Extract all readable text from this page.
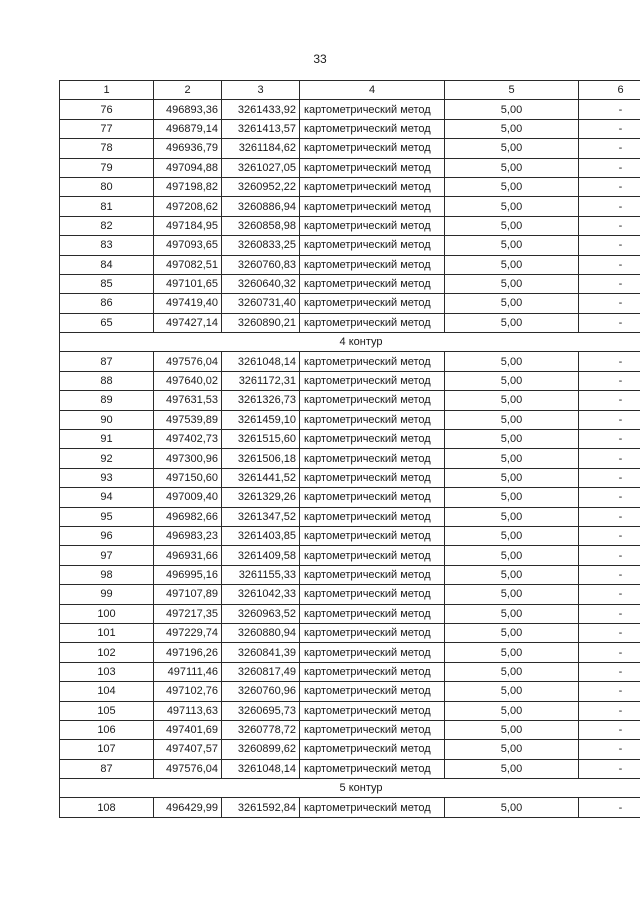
33
1	2	3	4	5	6
76	496893,36	3261433,92	картометрический метод	5,00	-
77	496879,14	3261413,57	картометрический метод	5,00	-
78	496936,79	3261184,62	картометрический метод	5,00	-
79	497094,88	3261027,05	картометрический метод	5,00	-
80	497198,82	3260952,22	картометрический метод	5,00	-
81	497208,62	3260886,94	картометрический метод	5,00	-
82	497184,95	3260858,98	картометрический метод	5,00	-
83	497093,65	3260833,25	картометрический метод	5,00	-
84	497082,51	3260760,83	картометрический метод	5,00	-
85	497101,65	3260640,32	картометрический метод	5,00	-
86	497419,40	3260731,40	картометрический метод	5,00	-
65	497427,14	3260890,21	картометрический метод	5,00	-
4 контур					
87	497576,04	3261048,14	картометрический метод	5,00	-
88	497640,02	3261172,31	картометрический метод	5,00	-
89	497631,53	3261326,73	картометрический метод	5,00	-
90	497539,89	3261459,10	картометрический метод	5,00	-
91	497402,73	3261515,60	картометрический метод	5,00	-
92	497300,96	3261506,18	картометрический метод	5,00	-
93	497150,60	3261441,52	картометрический метод	5,00	-
94	497009,40	3261329,26	картометрический метод	5,00	-
95	496982,66	3261347,52	картометрический метод	5,00	-
96	496983,23	3261403,85	картометрический метод	5,00	-
97	496931,66	3261409,58	картометрический метод	5,00	-
98	496995,16	3261155,33	картометрический метод	5,00	-
99	497107,89	3261042,33	картометрический метод	5,00	-
100	497217,35	3260963,52	картометрический метод	5,00	-
101	497229,74	3260880,94	картометрический метод	5,00	-
102	497196,26	3260841,39	картометрический метод	5,00	-
103	497111,46	3260817,49	картометрический метод	5,00	-
104	497102,76	3260760,96	картометрический метод	5,00	-
105	497113,63	3260695,73	картометрический метод	5,00	-
106	497401,69	3260778,72	картометрический метод	5,00	-
107	497407,57	3260899,62	картометрический метод	5,00	-
87	497576,04	3261048,14	картометрический метод	5,00	-
5 контур					
108	496429,99	3261592,84	картометрический метод	5,00	-
